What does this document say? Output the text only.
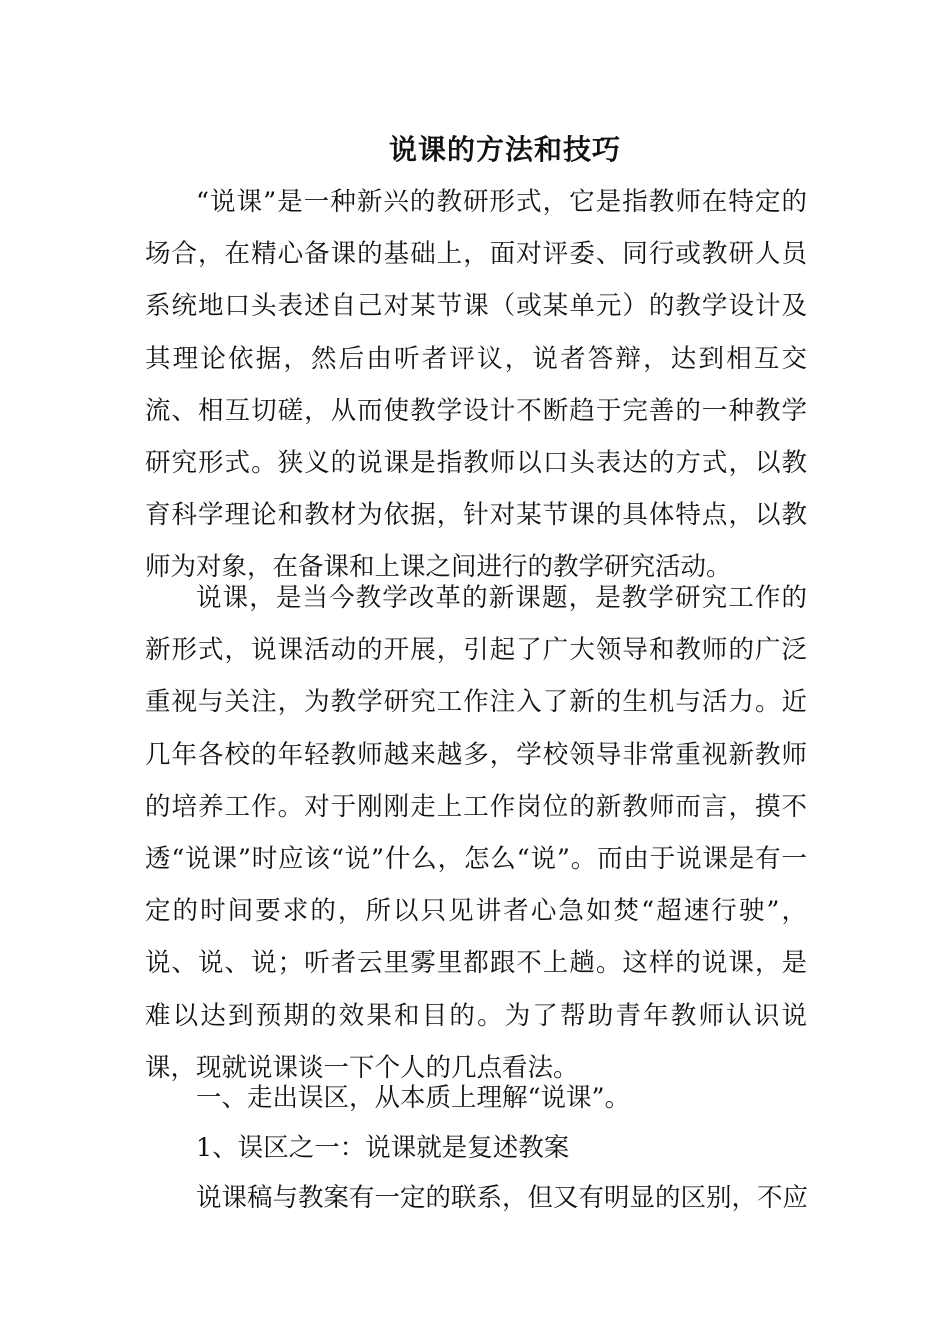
说课的方法和技巧

“说课”是一种新兴的教研形式，它是指教师在特定的场合，在精心备课的基础上，面对评委、同行或教研人员系统地口头表述自己对某节课（或某单元）的教学设计及其理论依据，然后由听者评议，说者答辩，达到相互交流、相互切磋，从而使教学设计不断趋于完善的一种教学研究形式。狭义的说课是指教师以口头表达的方式，以教育科学理论和教材为依据，针对某节课的具体特点，以教师为对象，在备课和上课之间进行的教学研究活动。

说课，是当今教学改革的新课题，是教学研究工作的新形式，说课活动的开展，引起了广大领导和教师的广泛重视与关注，为教学研究工作注入了新的生机与活力。近几年各校的年轻教师越来越多，学校领导非常重视新教师的培养工作。对于刚刚走上工作岗位的新教师而言，摸不透“说课”时应该“说”什么，怎么“说”。而由于说课是有一定的时间要求的，所以只见讲者心急如焚“超速行驶”，说、说、说；听者云里雾里都跟不上趟。这样的说课，是难以达到预期的效果和目的。为了帮助青年教师认识说课，现就说课谈一下个人的几点看法。

一、走出误区，从本质上理解“说课”。

1、误区之一：说课就是复述教案

说课稿与教案有一定的联系，但又有明显的区别，不应
